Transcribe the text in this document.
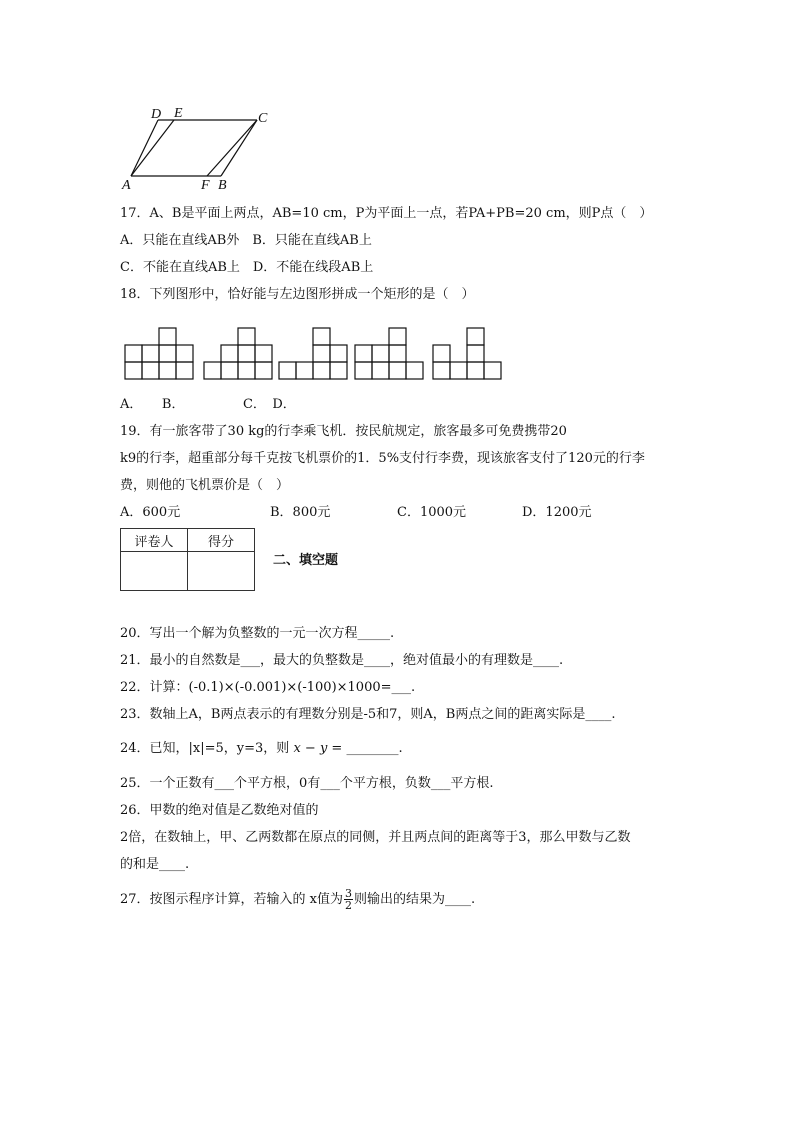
D E	C
A	F B
17．A、B是平面上两点，AB=10 cm，P为平面上一点，若PA+PB=20 cm，则P点（　）
A．只能在直线AB外　B．只能在直线AB上
C．不能在直线AB上　D．不能在线段AB上
18．下列图形中，恰好能与左边图形拼成一个矩形的是（　）
A．　　B．　　　　　C．　D．
19．有一旅客带了30 kg的行李乘飞机．按民航规定，旅客最多可免费携带20
k9的行李，超重部分每千克按飞机票价的1．5%支付行李费，现该旅客支付了120元的行李
费，则他的飞机票价是（　）
A．600元	B．800元	C．1000元	D．1200元
评卷人	得分

二、填空题
20．写出一个解为负整数的一元一次方程_____.
21．最小的自然数是___，最大的负整数是____，绝对值最小的有理数是____.
22．计算：(-0.1)×(-0.001)×(-100)×1000=___.
23．数轴上A，B两点表示的有理数分别是-5和7，则A，B两点之间的距离实际是____.
24．已知，|x|=5，y=3，则 x − y = ________.
25．一个正数有___个平方根，0有___个平方根，负数___平方根.
26．甲数的绝对值是乙数绝对值的
2倍，在数轴上，甲、乙两数都在原点的同侧，并且两点间的距离等于3，那么甲数与乙数
的和是____.
27．按图示程序计算，若输入的 x值为 $\frac{3}{2}$ 则输出的结果为____.
